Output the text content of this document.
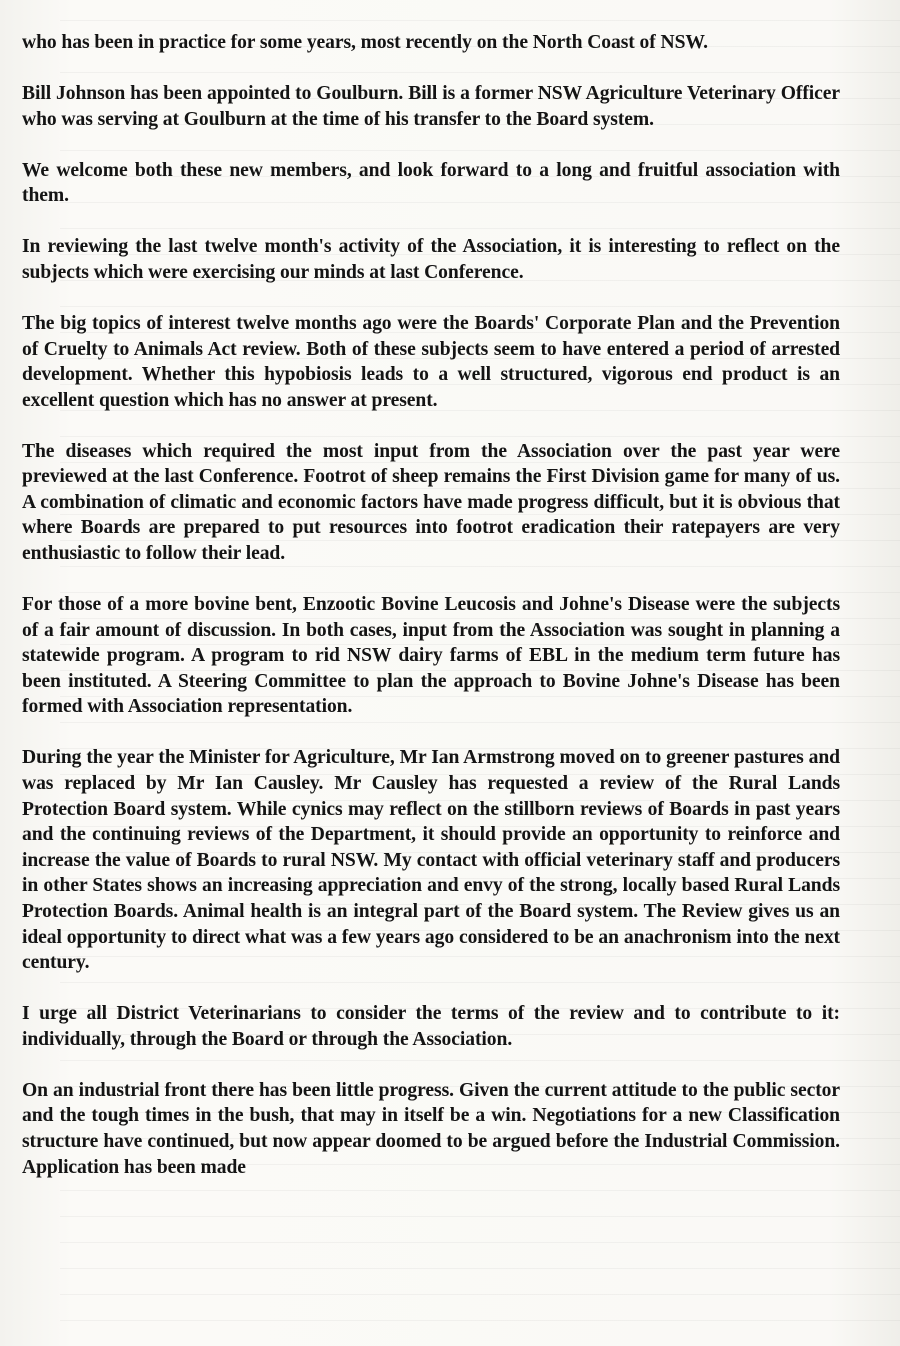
who has been in practice for some years, most recently on the North Coast of NSW.

Bill Johnson has been appointed to Goulburn. Bill is a former NSW Agriculture Veterinary Officer who was serving at Goulburn at the time of his transfer to the Board system.

We welcome both these new members, and look forward to a long and fruitful association with them.

In reviewing the last twelve month's activity of the Association, it is interesting to reflect on the subjects which were exercising our minds at last Conference.

The big topics of interest twelve months ago were the Boards' Corporate Plan and the Prevention of Cruelty to Animals Act review. Both of these subjects seem to have entered a period of arrested development. Whether this hypobiosis leads to a well structured, vigorous end product is an excellent question which has no answer at present.

The diseases which required the most input from the Association over the past year were previewed at the last Conference. Footrot of sheep remains the First Division game for many of us. A combination of climatic and economic factors have made progress difficult, but it is obvious that where Boards are prepared to put resources into footrot eradication their ratepayers are very enthusiastic to follow their lead.

For those of a more bovine bent, Enzootic Bovine Leucosis and Johne's Disease were the subjects of a fair amount of discussion. In both cases, input from the Association was sought in planning a statewide program. A program to rid NSW dairy farms of EBL in the medium term future has been instituted. A Steering Committee to plan the approach to Bovine Johne's Disease has been formed with Association representation.

During the year the Minister for Agriculture, Mr Ian Armstrong moved on to greener pastures and was replaced by Mr Ian Causley. Mr Causley has requested a review of the Rural Lands Protection Board system. While cynics may reflect on the stillborn reviews of Boards in past years and the continuing reviews of the Department, it should provide an opportunity to reinforce and increase the value of Boards to rural NSW. My contact with official veterinary staff and producers in other States shows an increasing appreciation and envy of the strong, locally based Rural Lands Protection Boards. Animal health is an integral part of the Board system. The Review gives us an ideal opportunity to direct what was a few years ago considered to be an anachronism into the next century.

I urge all District Veterinarians to consider the terms of the review and to contribute to it: individually, through the Board or through the Association.

On an industrial front there has been little progress. Given the current attitude to the public sector and the tough times in the bush, that may in itself be a win. Negotiations for a new Classification structure have continued, but now appear doomed to be argued before the Industrial Commission. Application has been made
